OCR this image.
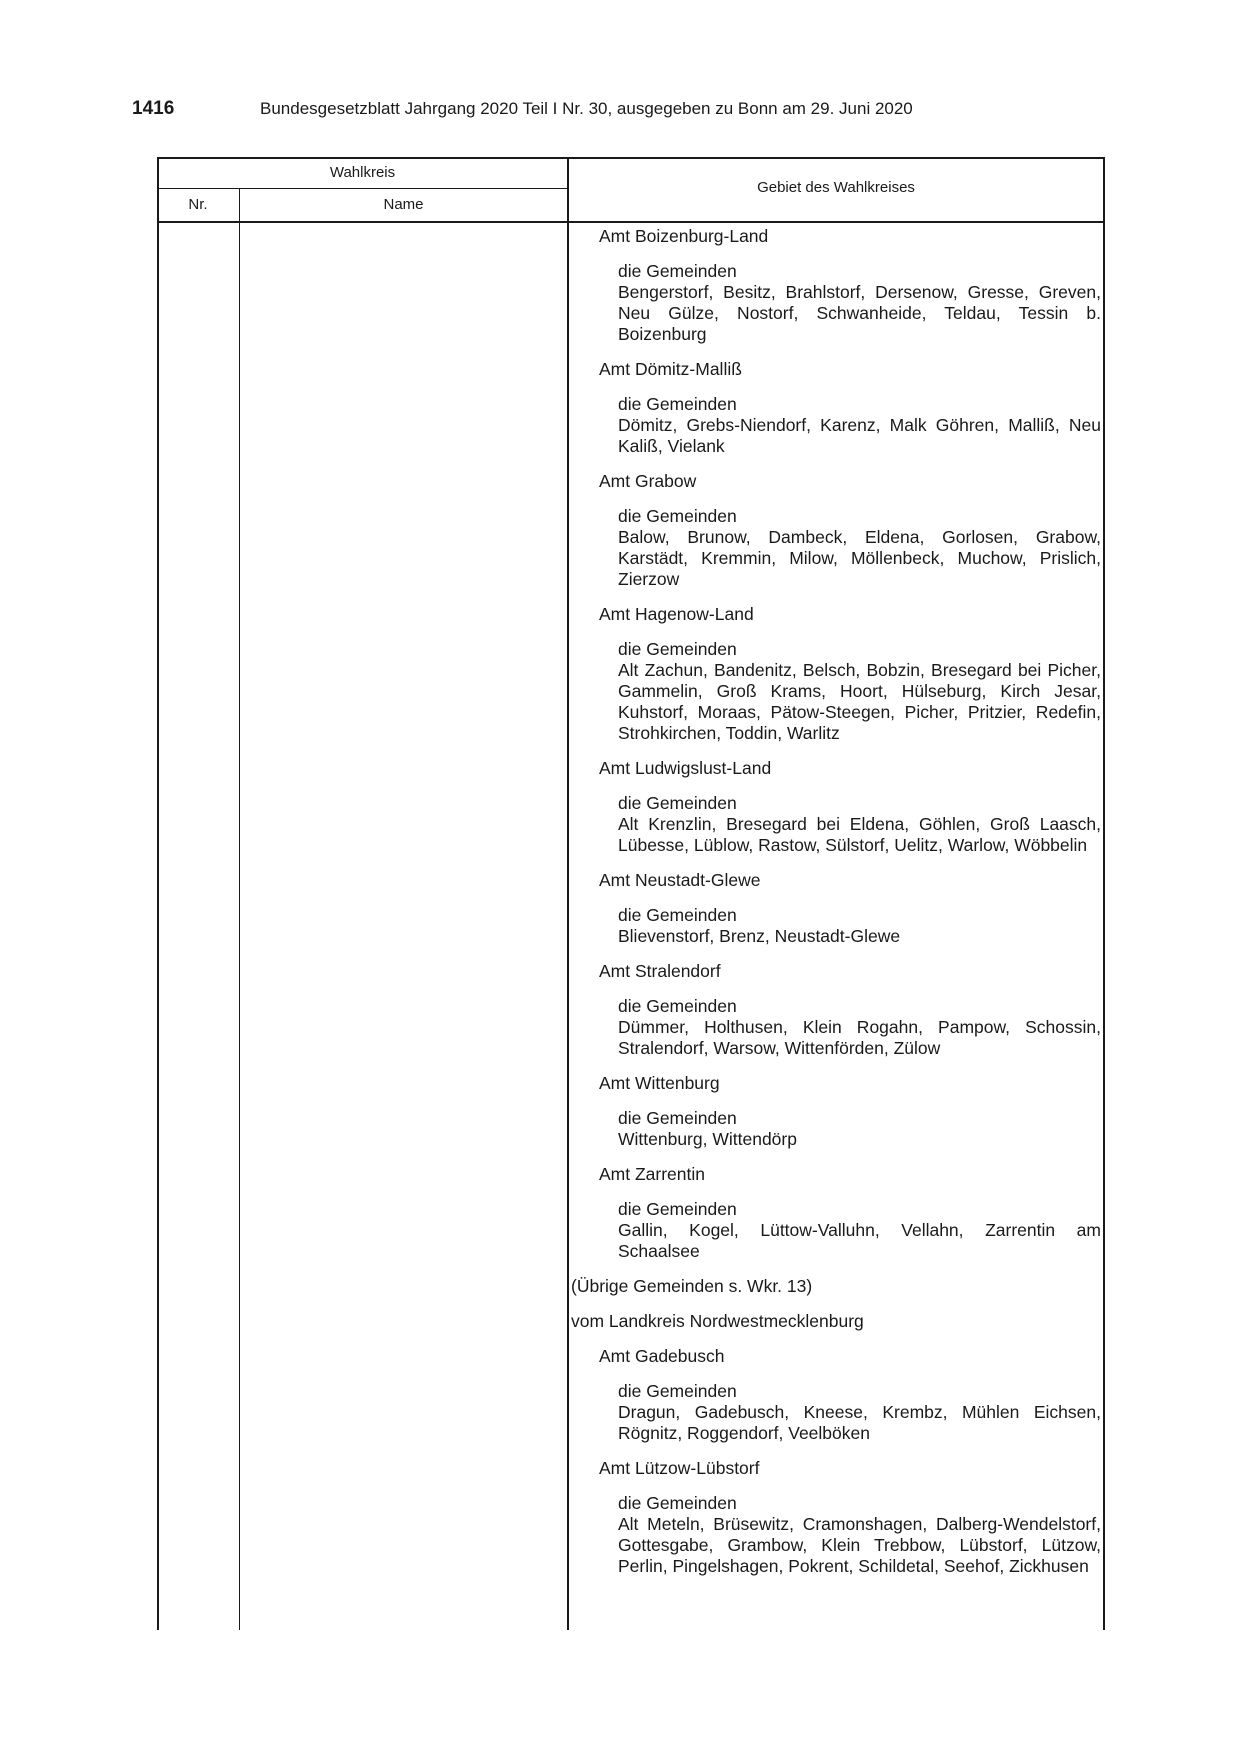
1416	Bundesgesetzblatt Jahrgang 2020 Teil I Nr. 30, ausgegeben zu Bonn am 29. Juni 2020
Wahlkreis
Nr.	Name
Gebiet des Wahlkreises
Amt Boizenburg-Land
die Gemeinden
Bengerstorf, Besitz, Brahlstorf, Dersenow, Gresse, Greven, Neu Gülze, Nostorf, Schwanheide, Teldau, Tessin b. Boizenburg
Amt Dömitz-Malliß
die Gemeinden
Dömitz, Grebs-Niendorf, Karenz, Malk Göhren, Malliß, Neu Kaliß, Vielank
Amt Grabow
die Gemeinden
Balow, Brunow, Dambeck, Eldena, Gorlosen, Grabow, Karstädt, Kremmin, Milow, Möllenbeck, Muchow, Prislich, Zierzow
Amt Hagenow-Land
die Gemeinden
Alt Zachun, Bandenitz, Belsch, Bobzin, Bresegard bei Picher, Gammelin, Groß Krams, Hoort, Hülseburg, Kirch Jesar, Kuhstorf, Moraas, Pätow-Steegen, Picher, Pritzier, Redefin, Strohkirchen, Toddin, Warlitz
Amt Ludwigslust-Land
die Gemeinden
Alt Krenzlin, Bresegard bei Eldena, Göhlen, Groß Laasch, Lübesse, Lüblow, Rastow, Sülstorf, Uelitz, Warlow, Wöbbelin
Amt Neustadt-Glewe
die Gemeinden
Blievenstorf, Brenz, Neustadt-Glewe
Amt Stralendorf
die Gemeinden
Dümmer, Holthusen, Klein Rogahn, Pampow, Schossin, Stralendorf, Warsow, Wittenförden, Zülow
Amt Wittenburg
die Gemeinden
Wittenburg, Wittendörp
Amt Zarrentin
die Gemeinden
Gallin, Kogel, Lüttow-Valluhn, Vellahn, Zarrentin am Schaalsee
(Übrige Gemeinden s. Wkr. 13)
vom Landkreis Nordwestmecklenburg
Amt Gadebusch
die Gemeinden
Dragun, Gadebusch, Kneese, Krembz, Mühlen Eichsen, Rögnitz, Roggendorf, Veelböken
Amt Lützow-Lübstorf
die Gemeinden
Alt Meteln, Brüsewitz, Cramonshagen, Dalberg-Wendelstorf, Gottesgabe, Grambow, Klein Trebbow, Lübstorf, Lützow, Perlin, Pingelshagen, Pokrent, Schildetal, Seehof, Zickhusen
